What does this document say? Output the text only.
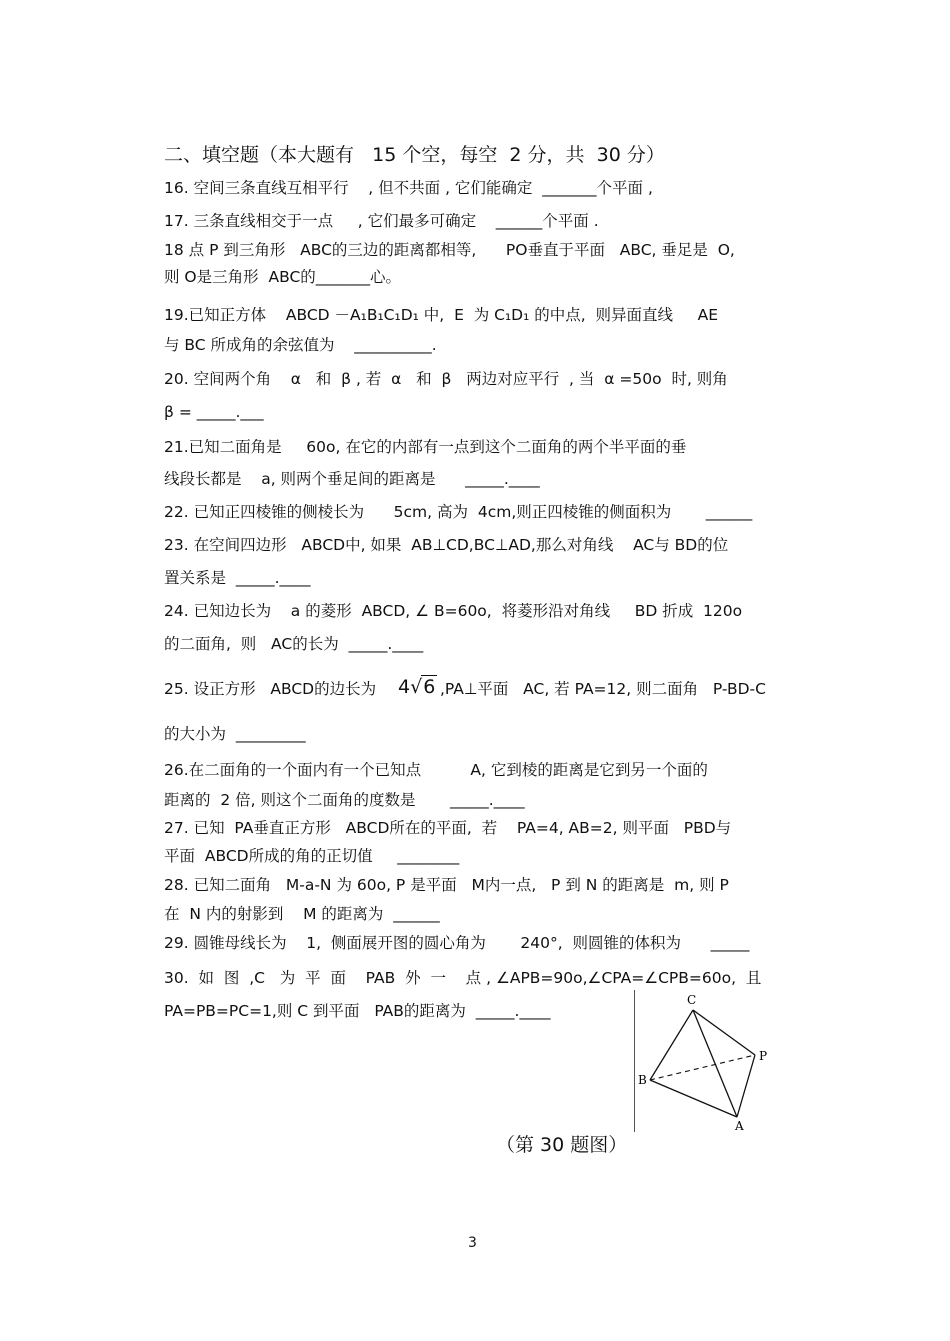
二、填空题（本大题有   15 个空，每空  2 分，共  30 分）
16. 空间三条直线互相平行    , 但不共面 , 它们能确定  _______个平面 ,
17. 三条直线相交于一点     , 它们最多可确定    ______个平面 .
18 点 P 到三角形   ABC的三边的距离都相等,      PO垂直于平面   ABC, 垂足是  O,
则 O是三角形  ABC的_______心。
19.已知正方体    ABCD －A₁B₁C₁D₁ 中,  E  为 C₁D₁ 的中点,  则异面直线     AE
与 BC 所成角的余弦值为    __________.
20. 空间两个角    α   和  β , 若  α   和  β   两边对应平行  , 当  α =50o  时, 则角
β = _____.___
21.已知二面角是     60o, 在它的内部有一点到这个二面角的两个半平面的垂
线段长都是    a, 则两个垂足间的距离是      _____.____
22. 已知正四棱锥的侧棱长为      5cm, 高为  4cm,则正四棱锥的侧面积为       ______
23. 在空间四边形   ABCD中, 如果  AB⊥CD,BC⊥AD,那么对角线    AC与 BD的位
置关系是  _____.____
24. 已知边长为    a 的菱形  ABCD, ∠ B=60o,  将菱形沿对角线     BD 折成  120o
的二面角,  则   AC的长为  _____.____
25. 设正方形   ABCD的边长为 4√6 ,PA⊥平面   AC, 若 PA=12, 则二面角   P-BD-C
的大小为  _________
26.在二面角的一个面内有一个已知点          A, 它到棱的距离是它到另一个面的
距离的  2 倍, 则这个二面角的度数是       _____.____
27. 已知  PA垂直正方形   ABCD所在的平面,  若    PA=4, AB=2, 则平面   PBD与
平面  ABCD所成的角的正切值     ________
28. 已知二面角   M-a-N 为 60o, P 是平面   M内一点,   P 到 N 的距离是  m, 则 P
在  N 内的射影到    M 的距离为  ______
29. 圆锥母线长为    1,  侧面展开图的圆心角为       240°,  则圆锥的体积为      _____
30.  如  图  ,C   为  平  面    PAB  外  一    点 , ∠APB=90o,∠CPA=∠CPB=60o,  且
PA=PB=PC=1,则 C 到平面   PAB的距离为  _____.____
C
P
B
A
（第 30 题图）
3
